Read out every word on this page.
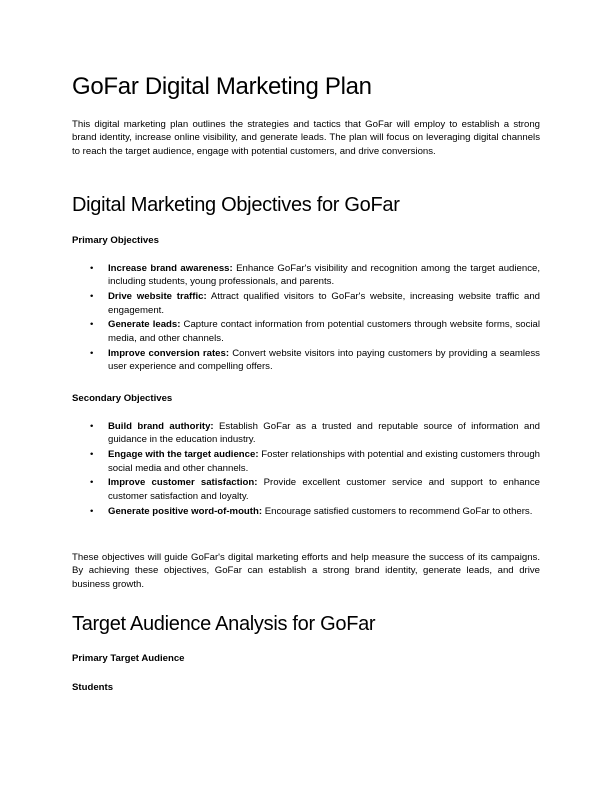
GoFar Digital Marketing Plan

This digital marketing plan outlines the strategies and tactics that GoFar will employ to establish a strong brand identity, increase online visibility, and generate leads. The plan will focus on leveraging digital channels to reach the target audience, engage with potential customers, and drive conversions.

Digital Marketing Objectives for GoFar
Primary Objectives
• Increase brand awareness: Enhance GoFar's visibility and recognition among the target audience, including students, young professionals, and parents.
• Drive website traffic: Attract qualified visitors to GoFar's website, increasing website traffic and engagement.
• Generate leads: Capture contact information from potential customers through website forms, social media, and other channels.
• Improve conversion rates: Convert website visitors into paying customers by providing a seamless user experience and compelling offers.
Secondary Objectives
• Build brand authority: Establish GoFar as a trusted and reputable source of information and guidance in the education industry.
• Engage with the target audience: Foster relationships with potential and existing customers through social media and other channels.
• Improve customer satisfaction: Provide excellent customer service and support to enhance customer satisfaction and loyalty.
• Generate positive word-of-mouth: Encourage satisfied customers to recommend GoFar to others.

These objectives will guide GoFar's digital marketing efforts and help measure the success of its campaigns. By achieving these objectives, GoFar can establish a strong brand identity, generate leads, and drive business growth.

Target Audience Analysis for GoFar
Primary Target Audience
Students
